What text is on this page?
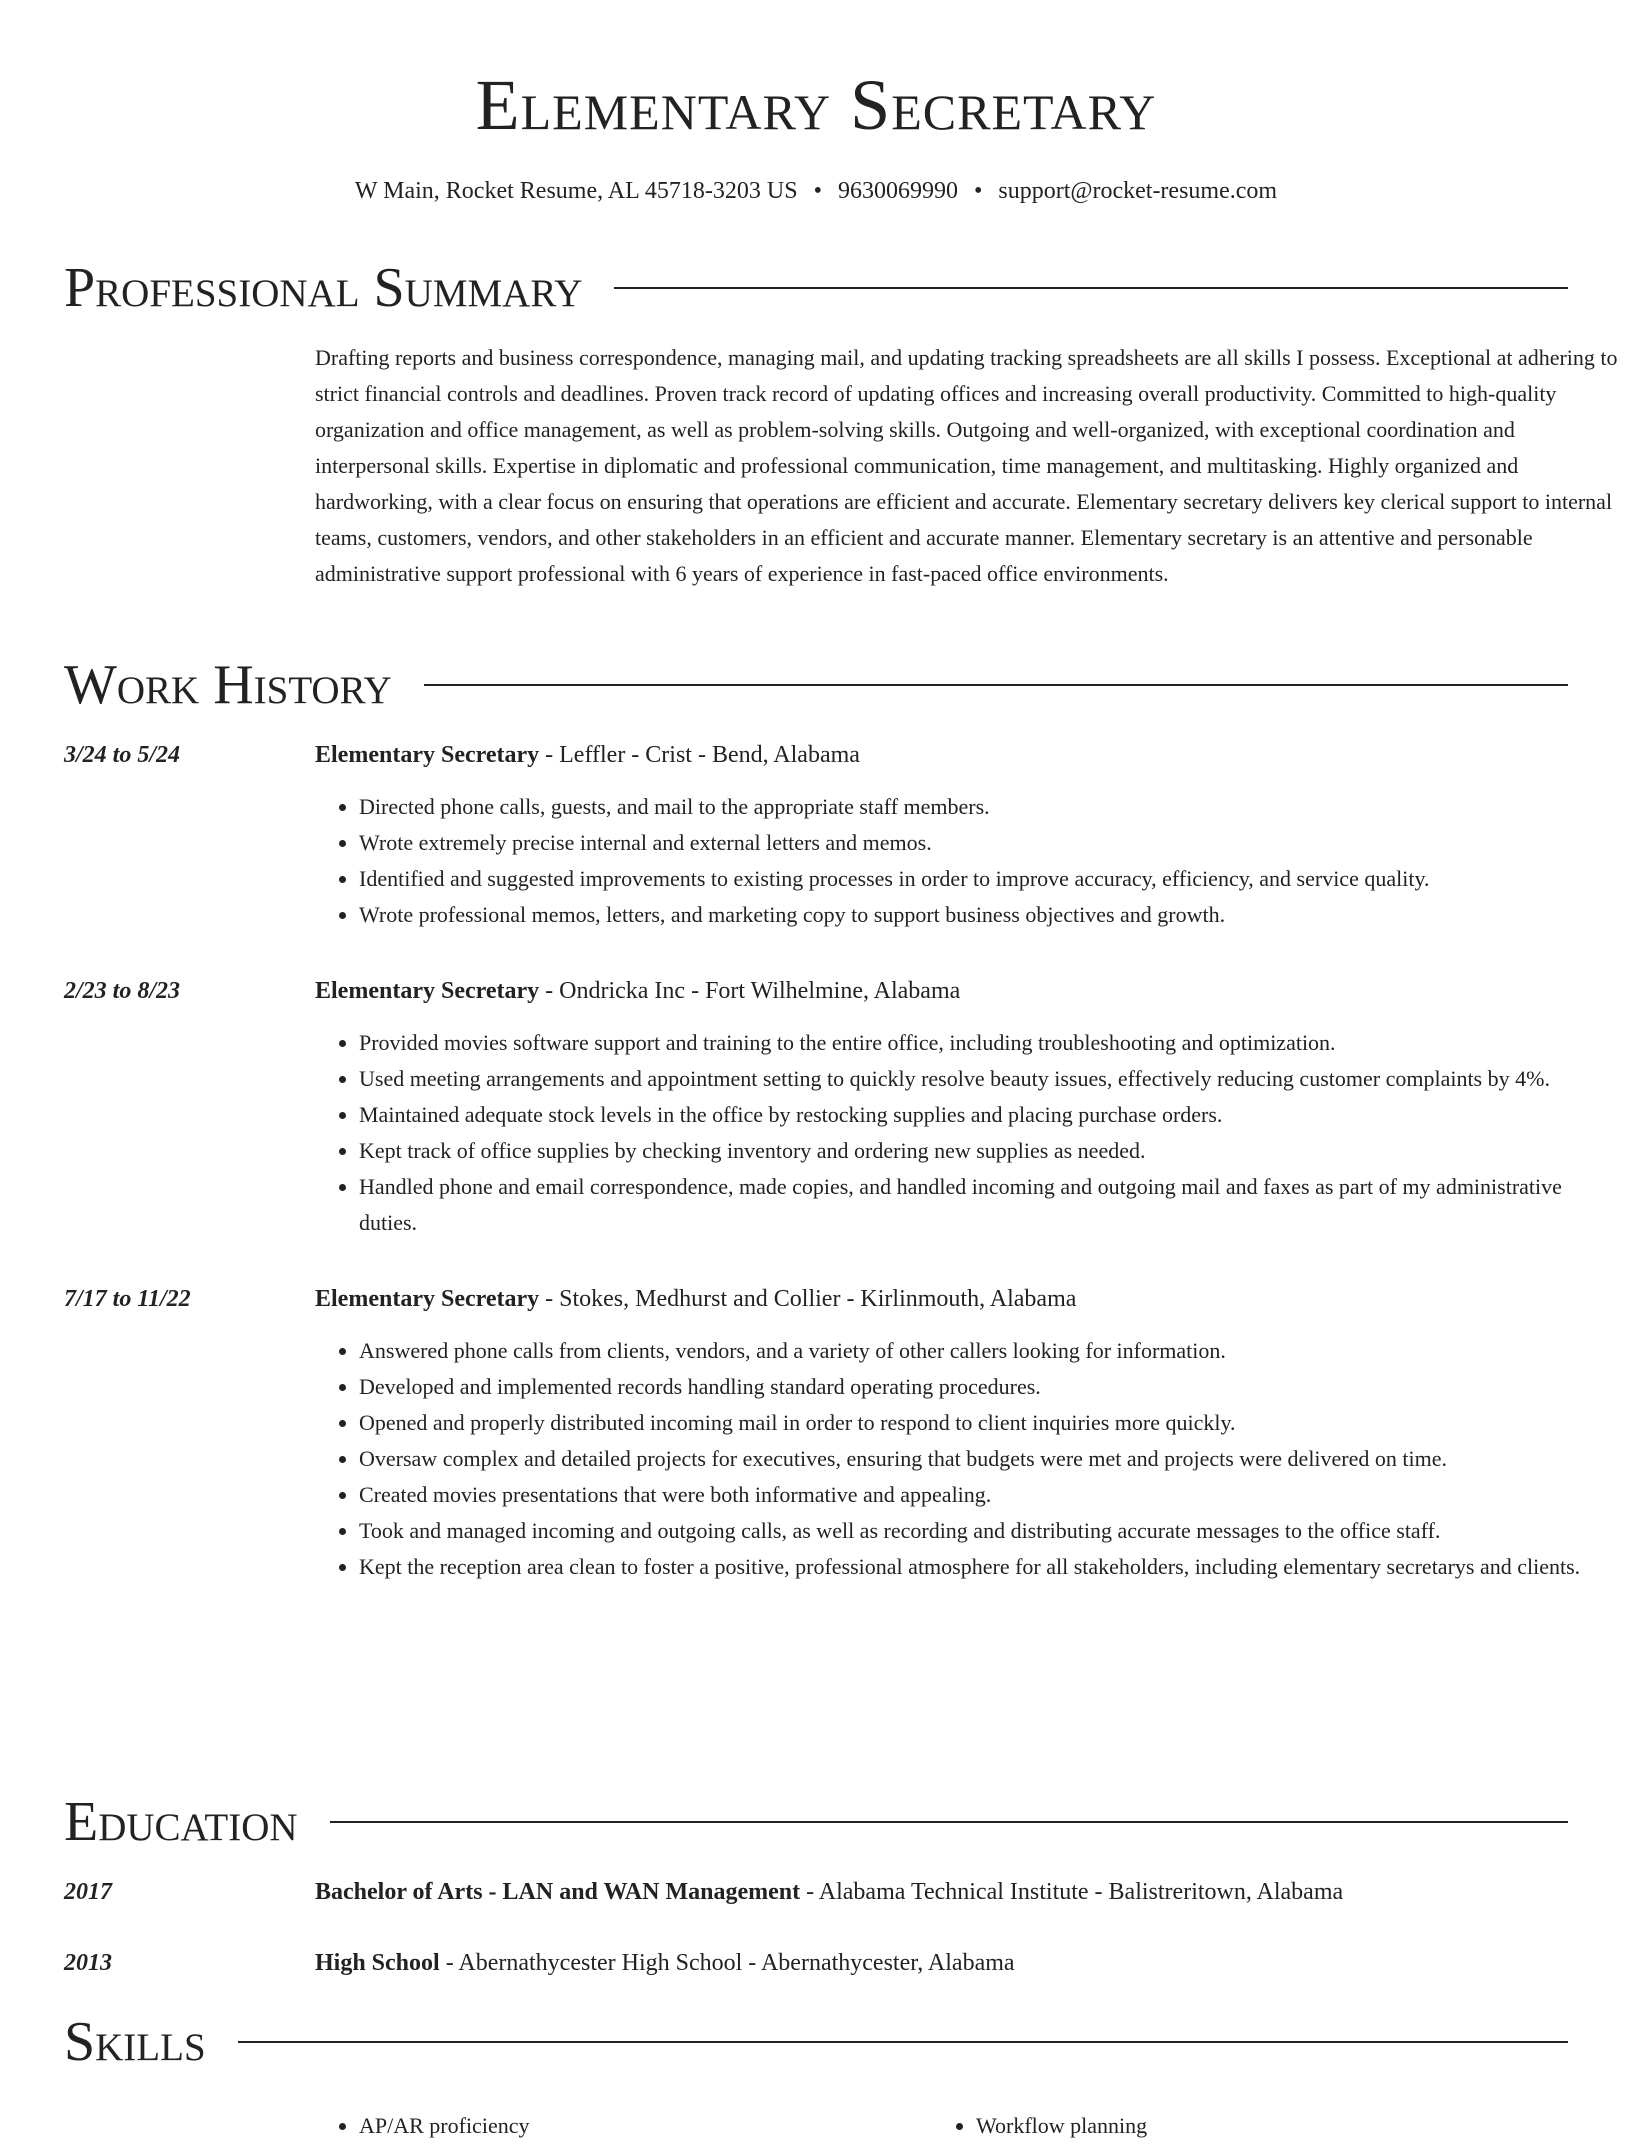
Elementary Secretary
W Main, Rocket Resume, AL 45718-3203 US • 9630069990 • support@rocket-resume.com
Professional Summary
Drafting reports and business correspondence, managing mail, and updating tracking spreadsheets are all skills I possess. Exceptional at adhering to strict financial controls and deadlines. Proven track record of updating offices and increasing overall productivity. Committed to high-quality organization and office management, as well as problem-solving skills. Outgoing and well-organized, with exceptional coordination and interpersonal skills. Expertise in diplomatic and professional communication, time management, and multitasking. Highly organized and hardworking, with a clear focus on ensuring that operations are efficient and accurate. Elementary secretary delivers key clerical support to internal teams, customers, vendors, and other stakeholders in an efficient and accurate manner. Elementary secretary is an attentive and personable administrative support professional with 6 years of experience in fast-paced office environments.
Work History
3/24 to 5/24	Elementary Secretary - Leffler - Crist - Bend, Alabama
• Directed phone calls, guests, and mail to the appropriate staff members.
• Wrote extremely precise internal and external letters and memos.
• Identified and suggested improvements to existing processes in order to improve accuracy, efficiency, and service quality.
• Wrote professional memos, letters, and marketing copy to support business objectives and growth.
2/23 to 8/23	Elementary Secretary - Ondricka Inc - Fort Wilhelmine, Alabama
• Provided movies software support and training to the entire office, including troubleshooting and optimization.
• Used meeting arrangements and appointment setting to quickly resolve beauty issues, effectively reducing customer complaints by 4%.
• Maintained adequate stock levels in the office by restocking supplies and placing purchase orders.
• Kept track of office supplies by checking inventory and ordering new supplies as needed.
• Handled phone and email correspondence, made copies, and handled incoming and outgoing mail and faxes as part of my administrative duties.
7/17 to 11/22	Elementary Secretary - Stokes, Medhurst and Collier - Kirlinmouth, Alabama
• Answered phone calls from clients, vendors, and a variety of other callers looking for information.
• Developed and implemented records handling standard operating procedures.
• Opened and properly distributed incoming mail in order to respond to client inquiries more quickly.
• Oversaw complex and detailed projects for executives, ensuring that budgets were met and projects were delivered on time.
• Created movies presentations that were both informative and appealing.
• Took and managed incoming and outgoing calls, as well as recording and distributing accurate messages to the office staff.
• Kept the reception area clean to foster a positive, professional atmosphere for all stakeholders, including elementary secretarys and clients.
Education
2017	Bachelor of Arts - LAN and WAN Management - Alabama Technical Institute - Balistreritown, Alabama
2013	High School - Abernathycester High School - Abernathycester, Alabama
Skills
• AP/AR proficiency
•	Workflow planning
